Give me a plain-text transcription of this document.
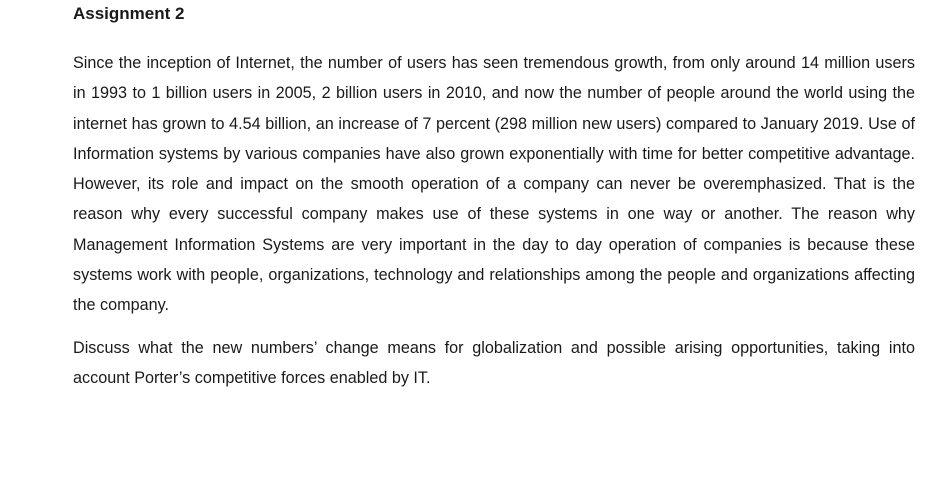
Assignment 2

Since the inception of Internet, the number of users has seen tremendous growth, from only around 14 million users in 1993 to 1 billion users in 2005, 2 billion users in 2010, and now the number of people around the world using the internet has grown to 4.54 billion, an increase of 7 percent (298 million new users) compared to January 2019. Use of Information systems by various companies have also grown exponentially with time for better competitive advantage. However, its role and impact on the smooth operation of a company can never be overemphasized. That is the reason why every successful company makes use of these systems in one way or another. The reason why Management Information Systems are very important in the day to day operation of companies is because these systems work with people, organizations, technology and relationships among the people and organizations affecting the company.

Discuss what the new numbers’ change means for globalization and possible arising opportunities, taking into account Porter’s competitive forces enabled by IT.
